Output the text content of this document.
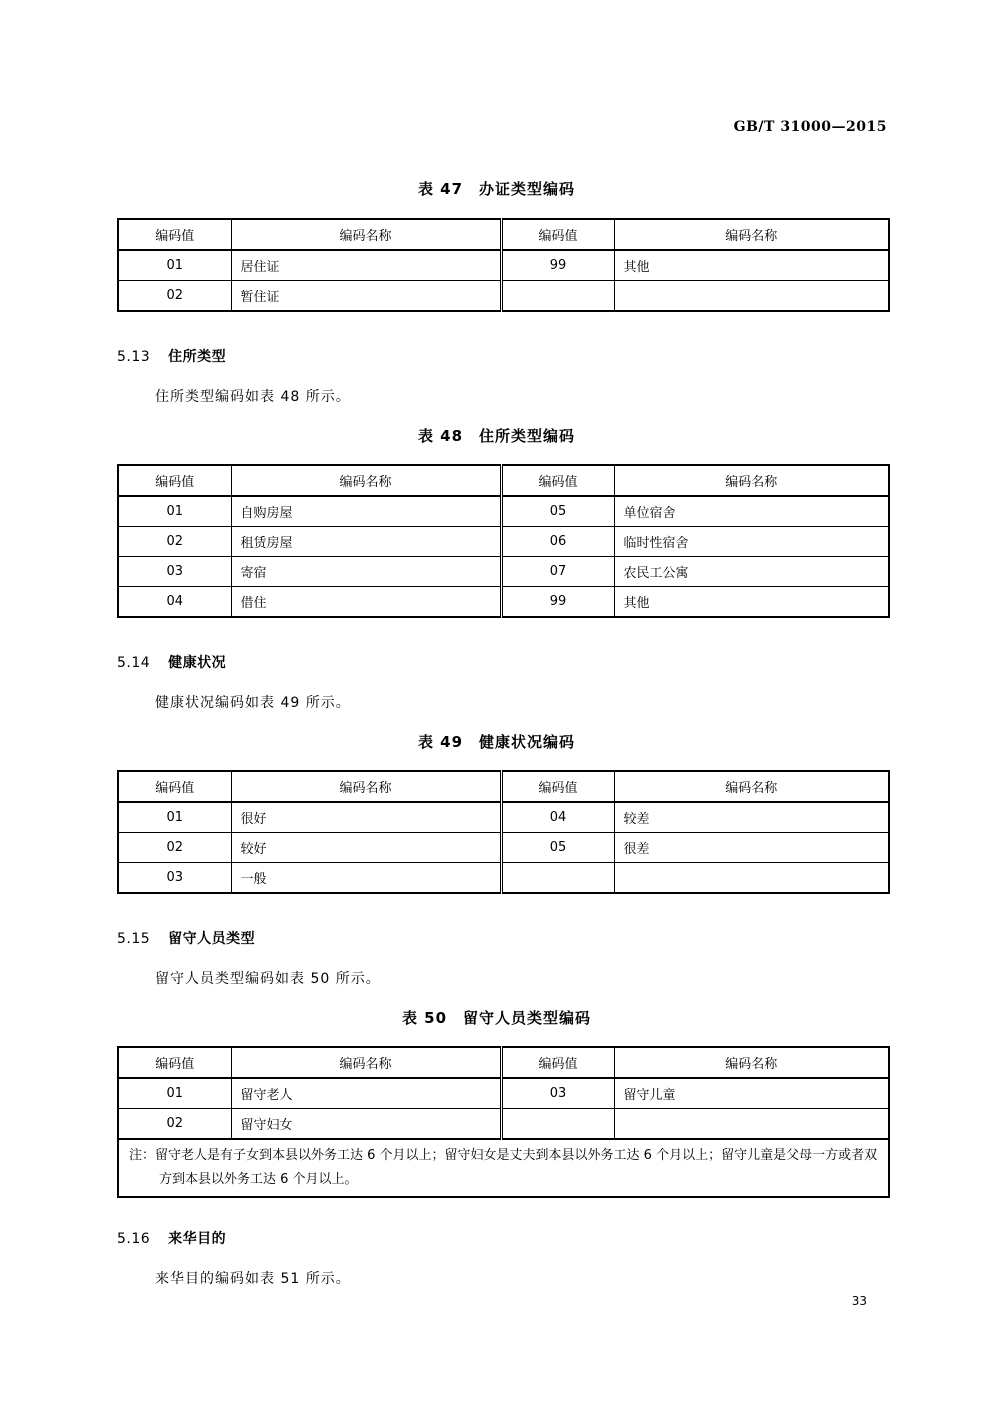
GB/T 31000—2015
表 47　办证类型编码
编码值	编码名称	编码值	编码名称
01	居住证	99	其他
02	暂住证		
5.13 住所类型
住所类型编码如表 48 所示。
表 48　住所类型编码
编码值	编码名称	编码值	编码名称
01	自购房屋	05	单位宿舍
02	租赁房屋	06	临时性宿舍
03	寄宿	07	农民工公寓
04	借住	99	其他
5.14 健康状况
健康状况编码如表 49 所示。
表 49　健康状况编码
编码值	编码名称	编码值	编码名称
01	很好	04	较差
02	较好	05	很差
03	一般		
5.15 留守人员类型
留守人员类型编码如表 50 所示。
表 50　留守人员类型编码
编码值	编码名称	编码值	编码名称
01	留守老人	03	留守儿童
02	留守妇女		
注：留守老人是有子女到本县以外务工达 6 个月以上；留守妇女是丈夫到本县以外务工达 6 个月以上；留守儿童是父母一方或者双方到本县以外务工达 6 个月以上。			
5.16 来华目的
来华目的编码如表 51 所示。
33
